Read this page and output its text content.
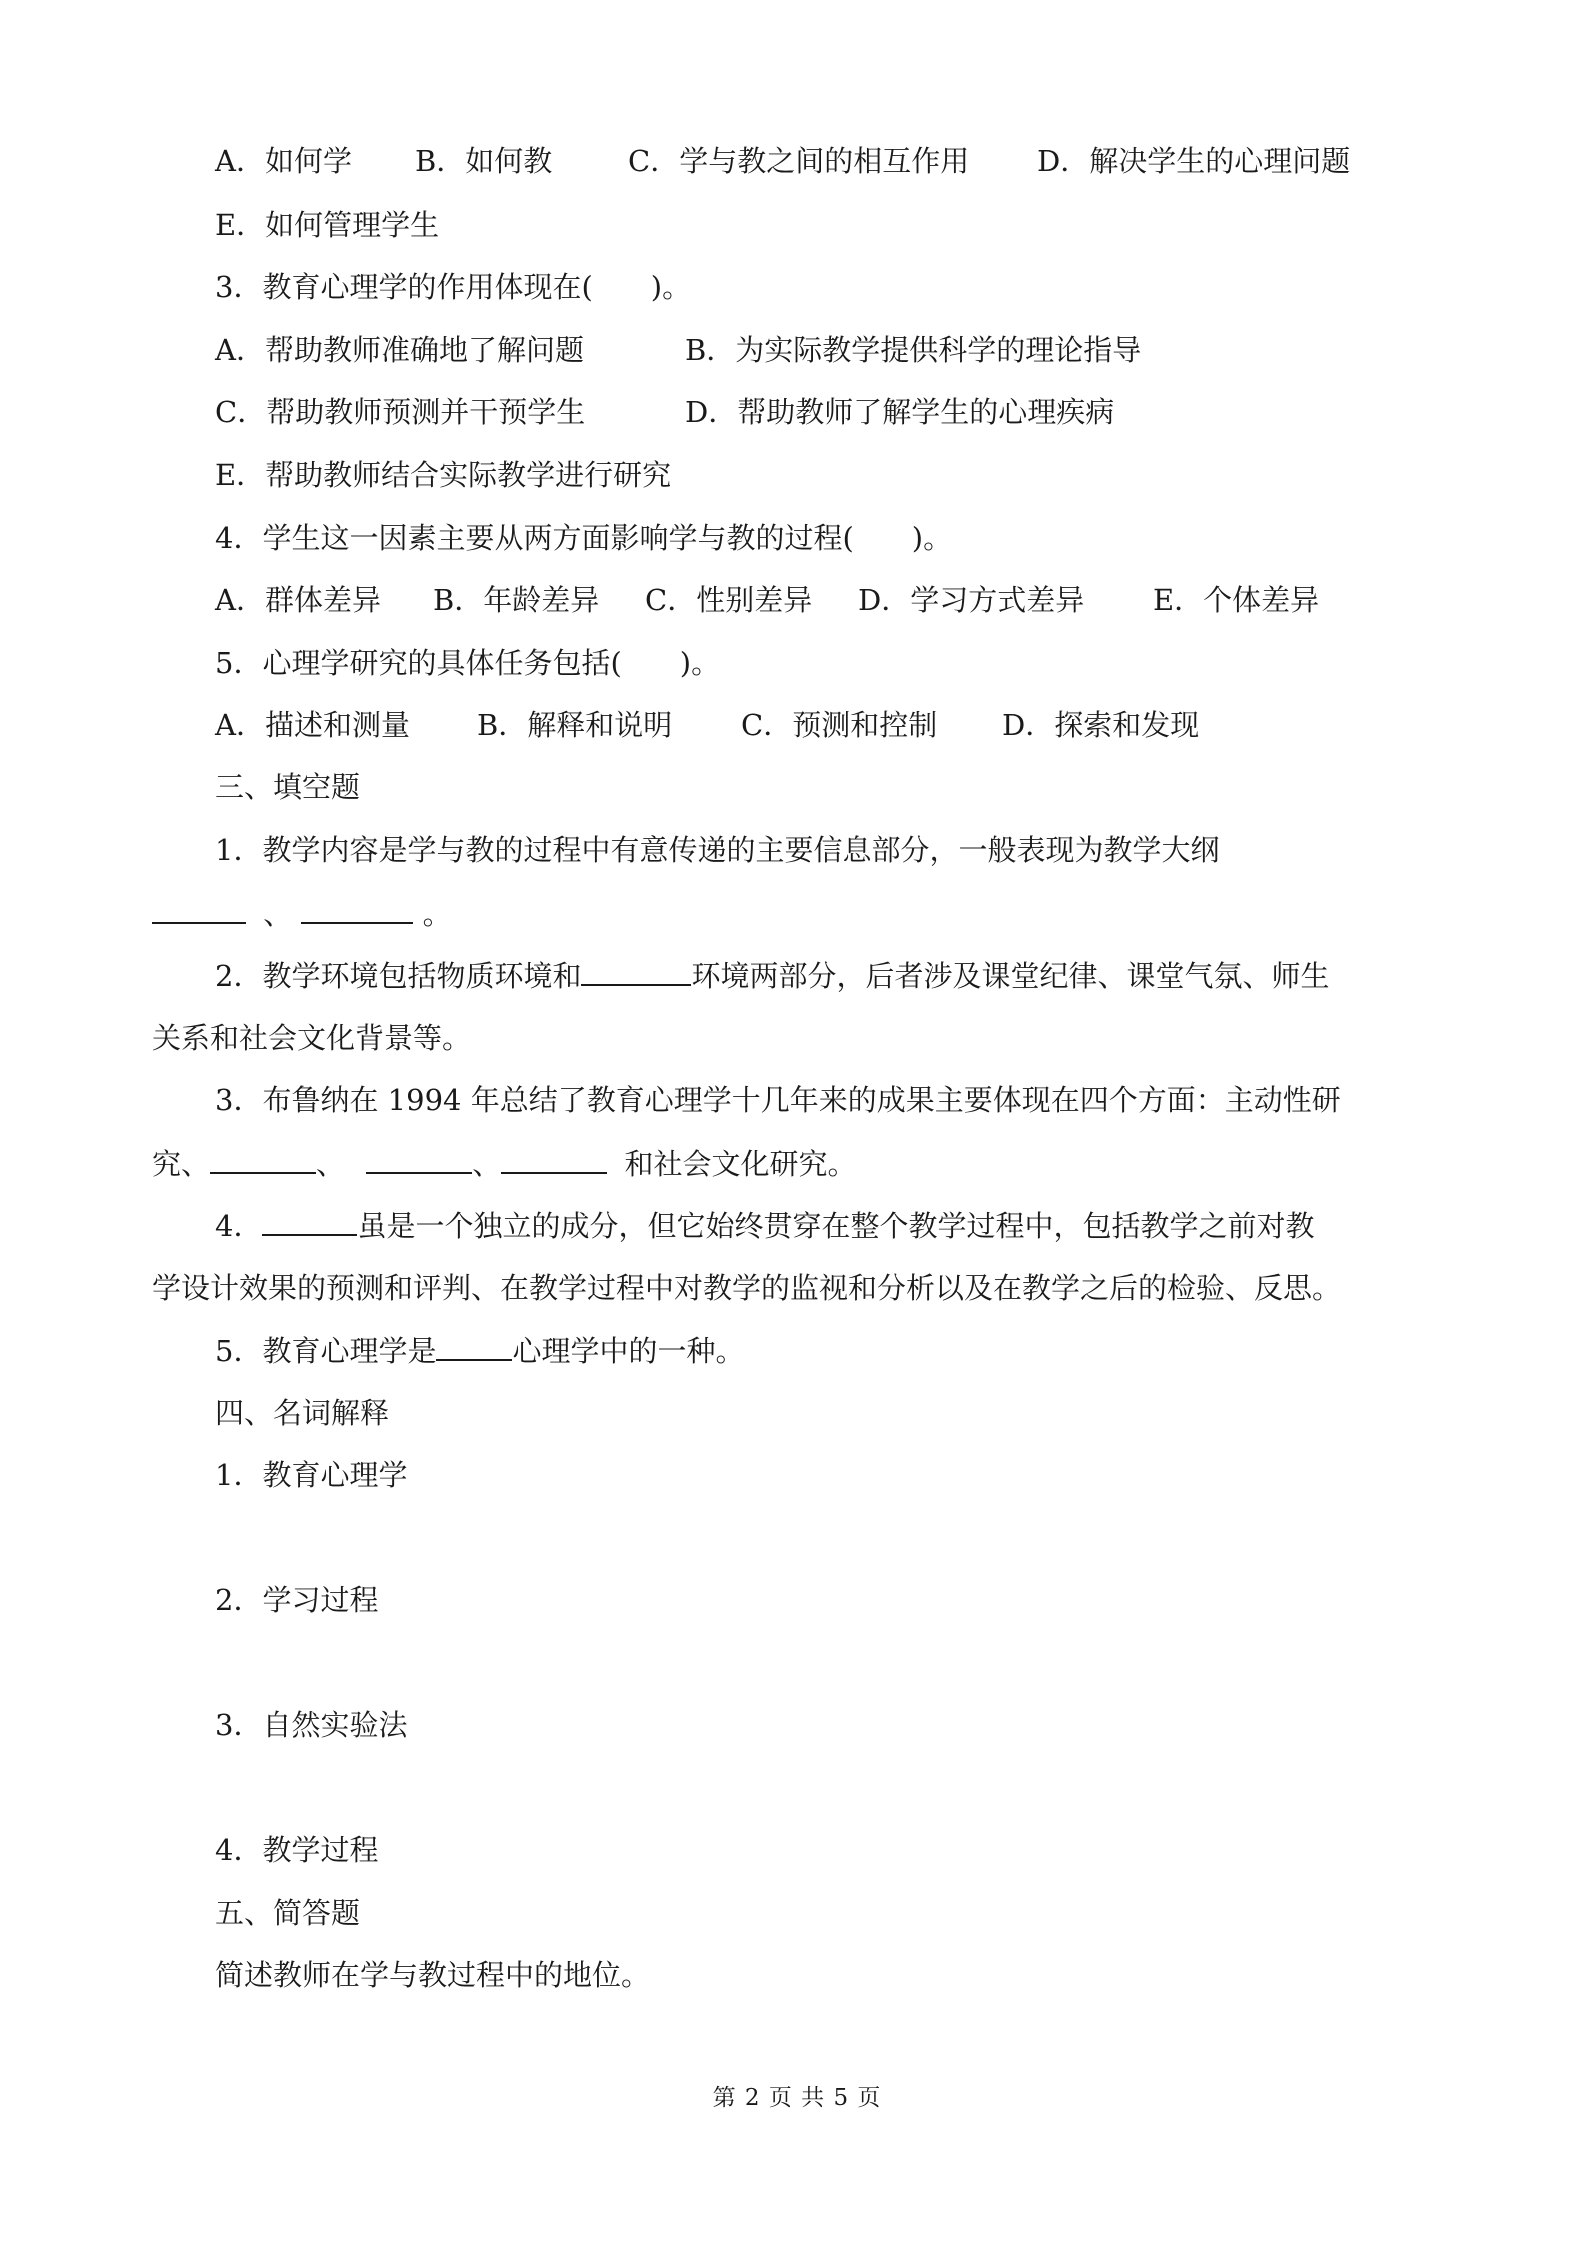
A．如何学 B．如何教	C．学与教之间的相互作用 D．解决学生的心理问题
E．如何管理学生
3．教育心理学的作用体现在(　　)。
A．帮助教师准确地了解问题	B．为实际教学提供科学的理论指导
C．帮助教师预测并干预学生	D．帮助教师了解学生的心理疾病
E．帮助教师结合实际教学进行研究
4．学生这一因素主要从两方面影响学与教的过程(　　)。
A．群体差异 B．年龄差异 C．性别差异 D．学习方式差异 E．个体差异
5．心理学研究的具体任务包括(　　)。
A．描述和测量 B．解释和说明 C．预测和控制 D．探索和发现
三、填空题
1．教学内容是学与教的过程中有意传递的主要信息部分，一般表现为教学大纲
、	。
2．教学环境包括物质环境和	环境两部分，后者涉及课堂纪律、课堂气氛、师生
关系和社会文化背景等。
3．布鲁纳在 1994 年总结了教育心理学十几年来的成果主要体现在四个方面：主动性研
究、	、	、	和社会文化研究。
4．	虽是一个独立的成分，但它始终贯穿在整个教学过程中，包括教学之前对教
学设计效果的预测和评判、在教学过程中对教学的监视和分析以及在教学之后的检验、反思。
5．教育心理学是	心理学中的一种。
四、名词解释
1．教育心理学
2．学习过程
3．自然实验法
4．教学过程
五、简答题
简述教师在学与教过程中的地位。
第 2 页 共 5 页
